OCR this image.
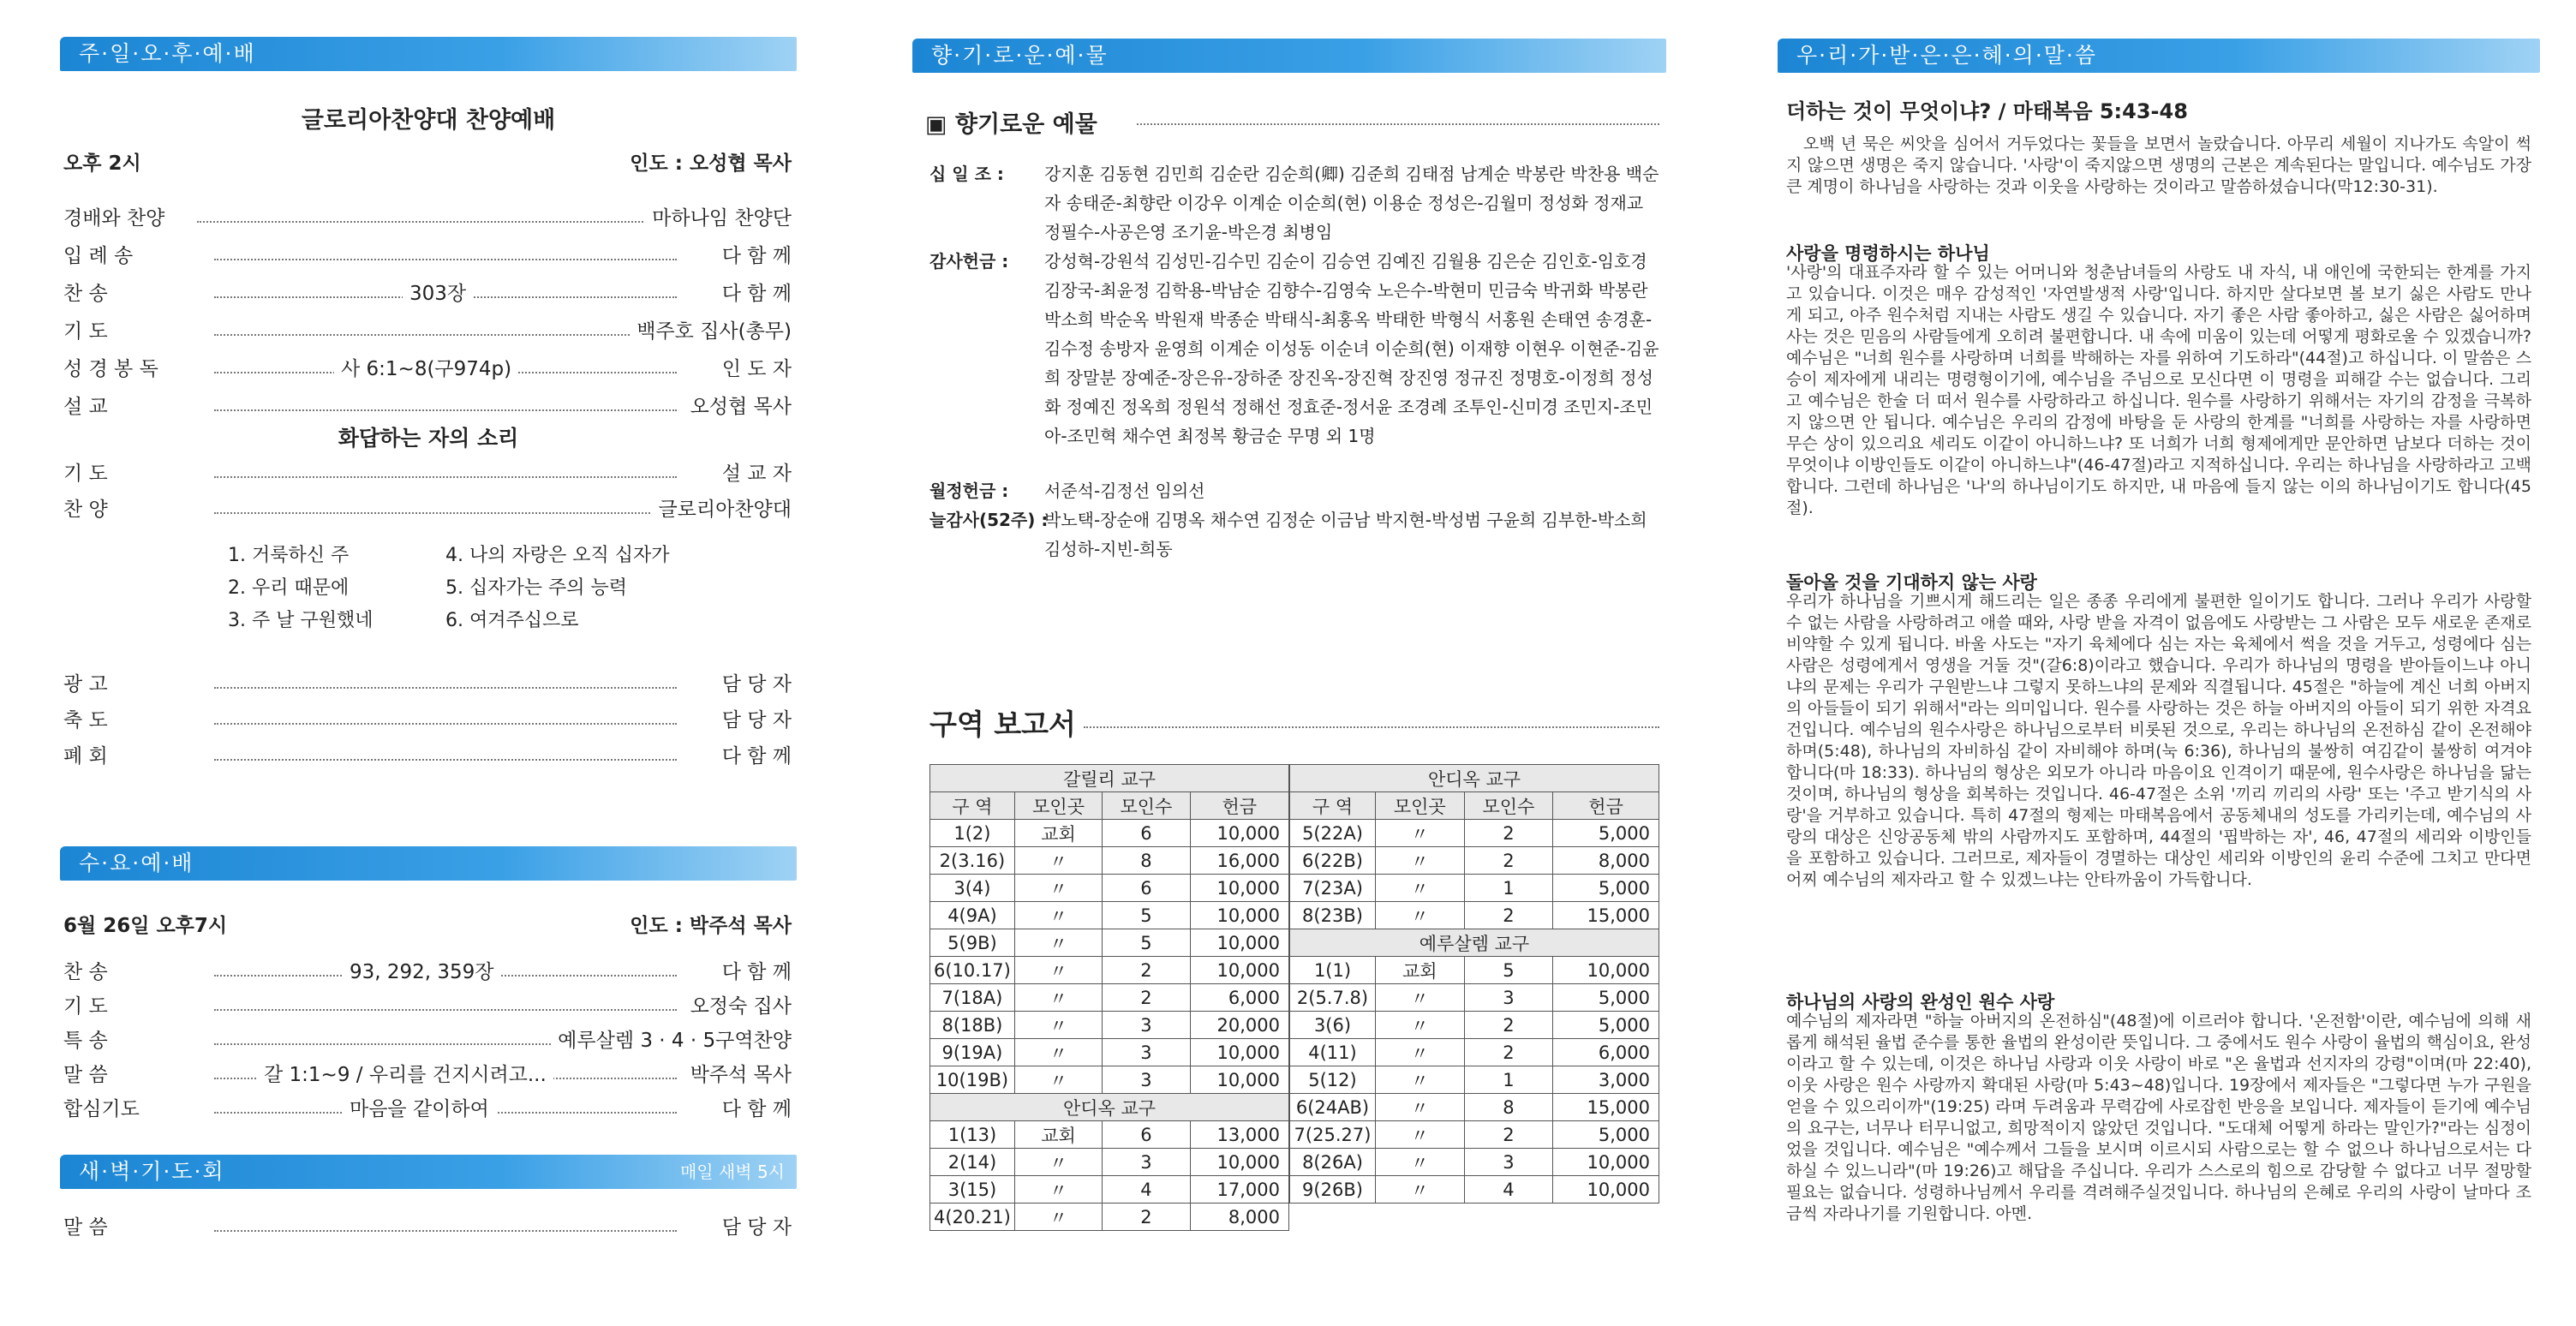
주·일·오·후·예·배
글로리아찬양대 찬양예배
오후 2시	인도 : 오성협 목사
경배와 찬양	마하나임 찬양단
입 례 송	다 함 께
찬 송	303장	다 함 께
기 도	백주호 집사(총무)
성 경 봉 독	사 6:1~8(구974p)	인 도 자
설 교	오성협 목사
화답하는 자의 소리
기 도	설 교 자
찬 양	글로리아찬양대
1. 거룩하신 주
2. 우리 때문에
3. 주 날 구원했네
4. 나의 자랑은 오직 십자가
5. 십자가는 주의 능력
6. 여겨주십으로
광 고	담 당 자
축 도	담 당 자
폐 회	다 함 께
수·요·예·배
6월 26일 오후7시	인도 : 박주석 목사
찬 송	93, 292, 359장	다 함 께
기 도	오정숙 집사
특 송	예루살렘 3 · 4 · 5구역찬양
말 씀	갈 1:1~9 / 우리를 건지시려고...	박주석 목사
합심기도	마음을 같이하여	다 함 께
새·벽·기·도·회	매일 새벽 5시
말 씀	담 당 자
향·기·로·운·예·물
▣ 향기로운 예물
십 일 조 :	강지훈 김동현 김민희 김순란 김순희(卿) 김준희 김태점 남계순 박봉란 박찬용 백순자 송태준-최향란 이강우 이계순 이순희(현) 이용순 정성은-김월미 정성화 정재교 정필수-사공은영 조기윤-박은경 최병임
감사헌금 :	강성혁-강원석 김성민-김수민 김순이 김승연 김예진 김월용 김은순 김인호-임호경 김장국-최윤정 김학용-박남순 김향수-김영숙 노은수-박현미 민금숙 박귀화 박봉란 박소희 박순옥 박원재 박종순 박태식-최홍옥 박태한 박형식 서홍원 손태연 송경훈-김수정 송방자 윤영희 이계순 이성동 이순녀 이순희(현) 이재향 이현우 이현준-김윤희 장말분 장예준-장은유-장하준 장진옥-장진혁 장진영 정규진 정명호-이정희 정성화 정예진 정옥희 정원석 정해선 정효준-정서윤 조경례 조투인-신미경 조민지-조민아-조민혁 채수연 최정복 황금순 무명 외 1명
월정헌금 :	서준석-김정선 임의선
늘감사(52주) :
박노택-장순애 김명옥 채수연 김정순 이금남 박지현-박성범 구윤희 김부한-박소희 김성하-지빈-희동
구역 보고서
갈릴리 교구			
구 역	모인곳	모인수	헌금
1(2)	교회	6	10,000
2(3.16)	〃	8	16,000
3(4)	〃	6	10,000
4(9A)	〃	5	10,000
5(9B)	〃	5	10,000
6(10.17)	〃	2	10,000
7(18A)	〃	2	6,000
8(18B)	〃	3	20,000
9(19A)	〃	3	10,000
10(19B)	〃	3	10,000
안디옥 교구			
1(13)	교회	6	13,000
2(14)	〃	3	10,000
3(15)	〃	4	17,000
4(20.21)	〃	2	8,000
안디옥 교구			
구 역	모인곳	모인수	헌금
5(22A)	〃	2	5,000
6(22B)	〃	2	8,000
7(23A)	〃	1	5,000
8(23B)	〃	2	15,000
예루살렘 교구			
1(1)	교회	5	10,000
2(5.7.8)	〃	3	5,000
3(6)	〃	2	5,000
4(11)	〃	2	6,000
5(12)	〃	1	3,000
6(24AB)	〃	8	15,000
7(25.27)	〃	2	5,000
8(26A)	〃	3	10,000
9(26B)	〃	4	10,000
우·리·가·받·은·은·혜·의·말·씀
더하는 것이 무엇이냐? / 마태복음 5:43-48
오백 년 묵은 씨앗을 심어서 거두었다는 꽃들을 보면서 놀랐습니다. 아무리 세월이 지나가도 속알이 썩지 않으면 생명은 죽지 않습니다. '사랑'이 죽지않으면 생명의 근본은 계속된다는 말입니다. 예수님도 가장 큰 계명이 하나님을 사랑하는 것과 이웃을 사랑하는 것이라고 말씀하셨습니다(막12:30-31).
사랑을 명령하시는 하나님
'사랑'의 대표주자라 할 수 있는 어머니와 청춘남녀들의 사랑도 내 자식, 내 애인에 국한되는 한계를 가지고 있습니다. 이것은 매우 감성적인 '자연발생적 사랑'입니다. 하지만 살다보면 볼 보기 싫은 사람도 만나게 되고, 아주 원수처럼 지내는 사람도 생길 수 있습니다. 자기 좋은 사람 좋아하고, 싫은 사람은 싫어하며 사는 것은 믿음의 사람들에게 오히려 불편합니다. 내 속에 미움이 있는데 어떻게 평화로울 수 있겠습니까? 예수님은 "너희 원수를 사랑하며 너희를 박해하는 자를 위하여 기도하라"(44절)고 하십니다. 이 말씀은 스승이 제자에게 내리는 명령형이기에, 예수님을 주님으로 모신다면 이 명령을 피해갈 수는 없습니다. 그리고 예수님은 한술 더 떠서 원수를 사랑하라고 하십니다. 원수를 사랑하기 위해서는 자기의 감정을 극복하지 않으면 안 됩니다. 예수님은 우리의 감정에 바탕을 둔 사랑의 한계를 "너희를 사랑하는 자를 사랑하면 무슨 상이 있으리요 세리도 이같이 아니하느냐? 또 너희가 너희 형제에게만 문안하면 남보다 더하는 것이 무엇이냐 이방인들도 이같이 아니하느냐"(46-47절)라고 지적하십니다. 우리는 하나님을 사랑하라고 고백합니다. 그런데 하나님은 '나'의 하나님이기도 하지만, 내 마음에 들지 않는 이의 하나님이기도 합니다(45절).
돌아올 것을 기대하지 않는 사랑
우리가 하나님을 기쁘시게 해드리는 일은 종종 우리에게 불편한 일이기도 합니다. 그러나 우리가 사랑할 수 없는 사람을 사랑하려고 애쓸 때와, 사랑 받을 자격이 없음에도 사랑받는 그 사람은 모두 새로운 존재로 비약할 수 있게 됩니다. 바울 사도는 "자기 육체에다 심는 자는 육체에서 썩을 것을 거두고, 성령에다 심는 사람은 성령에게서 영생을 거둘 것"(갈6:8)이라고 했습니다. 우리가 하나님의 명령을 받아들이느냐 아니냐의 문제는 우리가 구원받느냐 그렇지 못하느냐의 문제와 직결됩니다. 45절은 "하늘에 계신 너희 아버지의 아들들이 되기 위해서"라는 의미입니다. 원수를 사랑하는 것은 하늘 아버지의 아들이 되기 위한 자격요건입니다. 예수님의 원수사랑은 하나님으로부터 비롯된 것으로, 우리는 하나님의 온전하심 같이 온전해야 하며(5:48), 하나님의 자비하심 같이 자비해야 하며(눅 6:36), 하나님의 불쌍히 여김같이 불쌍히 여겨야 합니다(마 18:33). 하나님의 형상은 외모가 아니라 마음이요 인격이기 때문에, 원수사랑은 하나님을 닮는 것이며, 하나님의 형상을 회복하는 것입니다. 46-47절은 소위 '끼리 끼리의 사랑' 또는 '주고 받기식의 사랑'을 거부하고 있습니다. 특히 47절의 형제는 마태복음에서 공동체내의 성도를 가리키는데, 예수님의 사랑의 대상은 신앙공동체 밖의 사람까지도 포함하며, 44절의 '핍박하는 자', 46, 47절의 세리와 이방인들을 포함하고 있습니다. 그러므로, 제자들이 경멸하는 대상인 세리와 이방인의 윤리 수준에 그치고 만다면 어찌 예수님의 제자라고 할 수 있겠느냐는 안타까움이 가득합니다.
하나님의 사랑의 완성인 원수 사랑
예수님의 제자라면 "하늘 아버지의 온전하심"(48절)에 이르러야 합니다. '온전함'이란, 예수님에 의해 새롭게 해석된 율법 준수를 통한 율법의 완성이란 뜻입니다. 그 중에서도 원수 사랑이 율법의 핵심이요, 완성이라고 할 수 있는데, 이것은 하나님 사랑과 이웃 사랑이 바로 "온 율법과 선지자의 강령"이며(마 22:40), 이웃 사랑은 원수 사랑까지 확대된 사랑(마 5:43~48)입니다. 19장에서 제자들은 "그렇다면 누가 구원을 얻을 수 있으리이까"(19:25) 라며 두려움과 무력감에 사로잡힌 반응을 보입니다. 제자들이 듣기에 예수님의 요구는, 너무나 터무니없고, 희망적이지 않았던 것입니다. "도대체 어떻게 하라는 말인가?"라는 심정이었을 것입니다. 예수님은 "예수께서 그들을 보시며 이르시되 사람으로는 할 수 없으나 하나님으로서는 다 하실 수 있느니라"(마 19:26)고 해답을 주십니다. 우리가 스스로의 힘으로 감당할 수 없다고 너무 절망할 필요는 없습니다. 성령하나님께서 우리를 격려해주실것입니다. 하나님의 은혜로 우리의 사랑이 날마다 조금씩 자라나기를 기원합니다. 아멘.
